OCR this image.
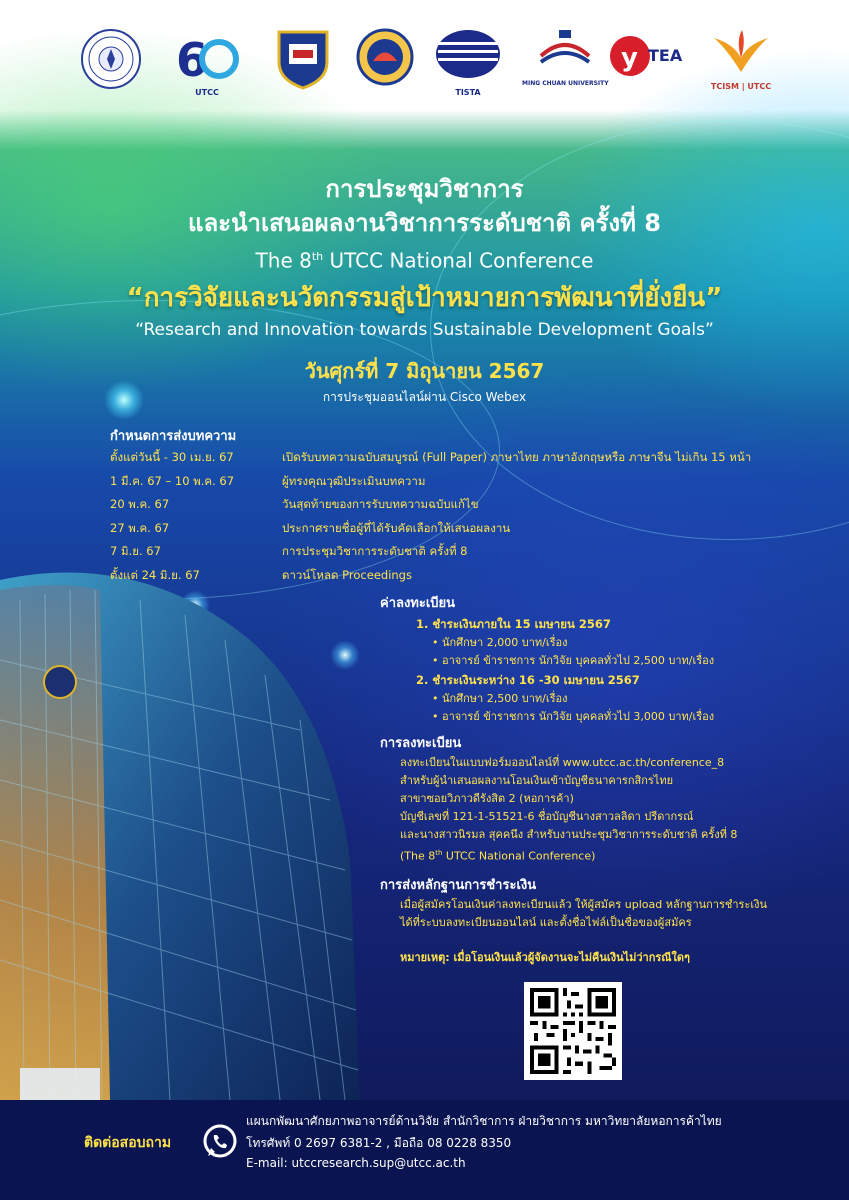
6
UTCC	TISTA
MING CHUAN UNIVERSITY
y TEA
TCISM | UTCC
การประชุมวิชาการ
และนำเสนอผลงานวิชาการระดับชาติ ครั้งที่ 8
The 8th UTCC National Conference
“การวิจัยและนวัตกรรมสู่เป้าหมายการพัฒนาที่ยั่งยืน”
“Research and Innovation towards Sustainable Development Goals”
วันศุกร์ที่ 7 มิถุนายน 2567
การประชุมออนไลน์ผ่าน Cisco Webex
กำหนดการส่งบทความ
ตั้งแต่วันนี้ - 30 เม.ย. 67	เปิดรับบทความฉบับสมบูรณ์ (Full Paper) ภาษาไทย ภาษาอังกฤษหรือ ภาษาจีน ไม่เกิน 15 หน้า
1 มี.ค. 67 – 10 พ.ค. 67	ผู้ทรงคุณวุฒิประเมินบทความ
20 พ.ค. 67	วันสุดท้ายของการรับบทความฉบับแก้ไข
27 พ.ค. 67	ประกาศรายชื่อผู้ที่ได้รับคัดเลือกให้เสนอผลงาน
7 มิ.ย. 67	การประชุมวิชาการระดับชาติ ครั้งที่ 8
ตั้งแต่ 24 มิ.ย. 67	ดาวน์โหลด Proceedings
ค่าลงทะเบียน
1. ชำระเงินภายใน 15 เมษายน 2567
• นักศึกษา 2,000 บาท/เรื่อง
• อาจารย์ ข้าราชการ นักวิจัย บุคคลทั่วไป 2,500 บาท/เรื่อง
2. ชำระเงินระหว่าง 16 -30 เมษายน 2567
• นักศึกษา 2,500 บาท/เรื่อง
• อาจารย์ ข้าราชการ นักวิจัย บุคคลทั่วไป 3,000 บาท/เรื่อง
การลงทะเบียน
ลงทะเบียนในแบบฟอร์มออนไลน์ที่ www.utcc.ac.th/conference_8
สำหรับผู้นำเสนอผลงานโอนเงินเข้าบัญชีธนาคารกสิกรไทย
สาขาซอยวิภาวดีรังสิต 2 (หอการค้า)
บัญชีเลขที่ 121-1-51521-6 ชื่อบัญชีนางสาวลลิดา ปรีดากรณ์
และนางสาวนิรมล สุคคนึง สำหรับงานประชุมวิชาการระดับชาติ ครั้งที่ 8
(The 8th UTCC National Conference)
การส่งหลักฐานการชำระเงิน
เมื่อผู้สมัครโอนเงินค่าลงทะเบียนแล้ว ให้ผู้สมัคร upload หลักฐานการชำระเงิน
ได้ที่ระบบลงทะเบียนออนไลน์ และตั้งชื่อไฟล์เป็นชื่อของผู้สมัคร
หมายเหตุ: เมื่อโอนเงินแล้วผู้จัดงานจะไม่คืนเงินไม่ว่ากรณีใดๆ
ติดต่อสอบถาม
แผนกพัฒนาศักยภาพอาจารย์ด้านวิจัย สำนักวิชาการ ฝ่ายวิชาการ มหาวิทยาลัยหอการค้าไทย
โทรศัพท์ 0 2697 6381-2 , มือถือ 08 0228 8350
E-mail: utccresearch.sup@utcc.ac.th
